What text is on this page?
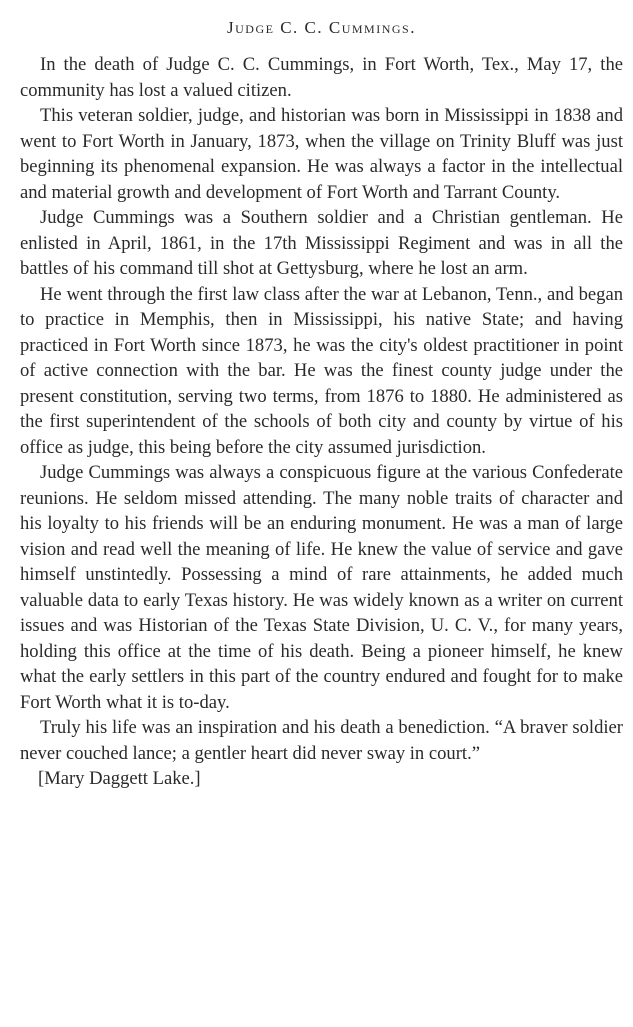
Judge C. C. Cummings.

In the death of Judge C. C. Cummings, in Fort Worth, Tex., May 17, the community has lost a valued citizen.

This veteran soldier, judge, and historian was born in Mississippi in 1838 and went to Fort Worth in January, 1873, when the village on Trinity Bluff was just beginning its phenomenal expansion. He was always a factor in the intellectual and material growth and development of Fort Worth and Tarrant County.

Judge Cummings was a Southern soldier and a Christian gentleman. He enlisted in April, 1861, in the 17th Mississippi Regiment and was in all the battles of his command till shot at Gettysburg, where he lost an arm.

He went through the first law class after the war at Lebanon, Tenn., and began to practice in Memphis, then in Mississippi, his native State; and having practiced in Fort Worth since 1873, he was the city's oldest practitioner in point of active connection with the bar. He was the finest county judge under the present constitution, serving two terms, from 1876 to 1880. He administered as the first superintendent of the schools of both city and county by virtue of his office as judge, this being before the city assumed jurisdiction.

Judge Cummings was always a conspicuous figure at the various Confederate reunions. He seldom missed attending. The many noble traits of character and his loyalty to his friends will be an enduring monument. He was a man of large vision and read well the meaning of life. He knew the value of service and gave himself unstintedly. Possessing a mind of rare attainments, he added much valuable data to early Texas history. He was widely known as a writer on current issues and was Historian of the Texas State Division, U. C. V., for many years, holding this office at the time of his death. Being a pioneer himself, he knew what the early settlers in this part of the country endured and fought for to make Fort Worth what it is to-day.

Truly his life was an inspiration and his death a benediction. “A braver soldier never couched lance; a gentler heart did never sway in court.”

[Mary Daggett Lake.]
